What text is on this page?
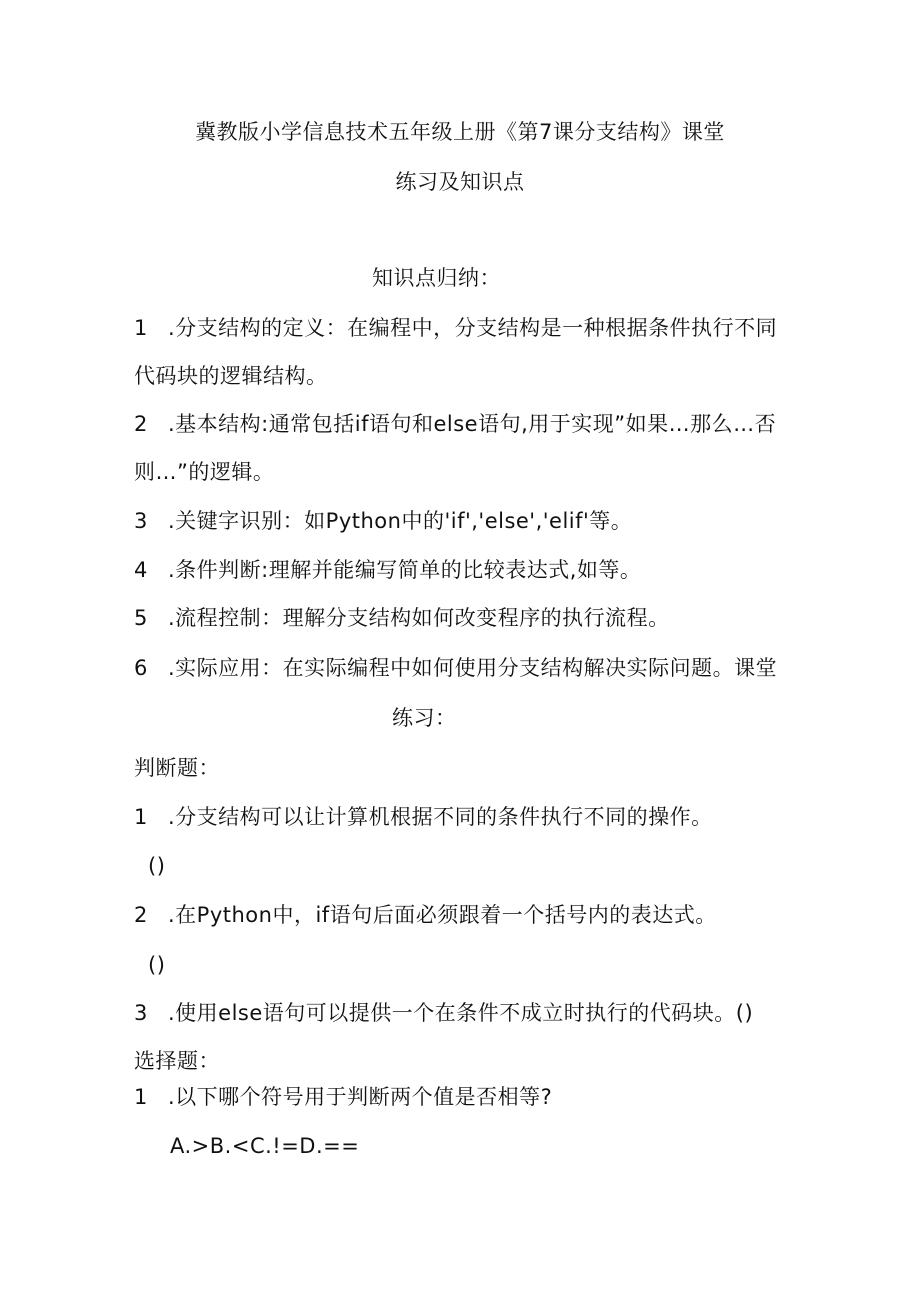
冀教版小学信息技术五年级上册《第7课分支结构》课堂
练习及知识点
知识点归纳：
1 .分支结构的定义：在编程中，分支结构是一种根据条件执行不同
代码块的逻辑结构。
2 .基本结构:通常包括if语句和else语句,用于实现”如果…那么…否
则…”的逻辑。
3 .关键字识别：如Python中的'if','else','elif'等。
4 .条件判断:理解并能编写简单的比较表达式,如等。
5 .流程控制：理解分支结构如何改变程序的执行流程。
6 .实际应用：在实际编程中如何使用分支结构解决实际问题。课堂
练习：
判断题：
1 .分支结构可以让计算机根据不同的条件执行不同的操作。
()
2 .在Python中，if语句后面必须跟着一个括号内的表达式。
()
3 .使用else语句可以提供一个在条件不成立时执行的代码块。()
选择题：
1 .以下哪个符号用于判断两个值是否相等?
A.>B.<C.!=D.==
